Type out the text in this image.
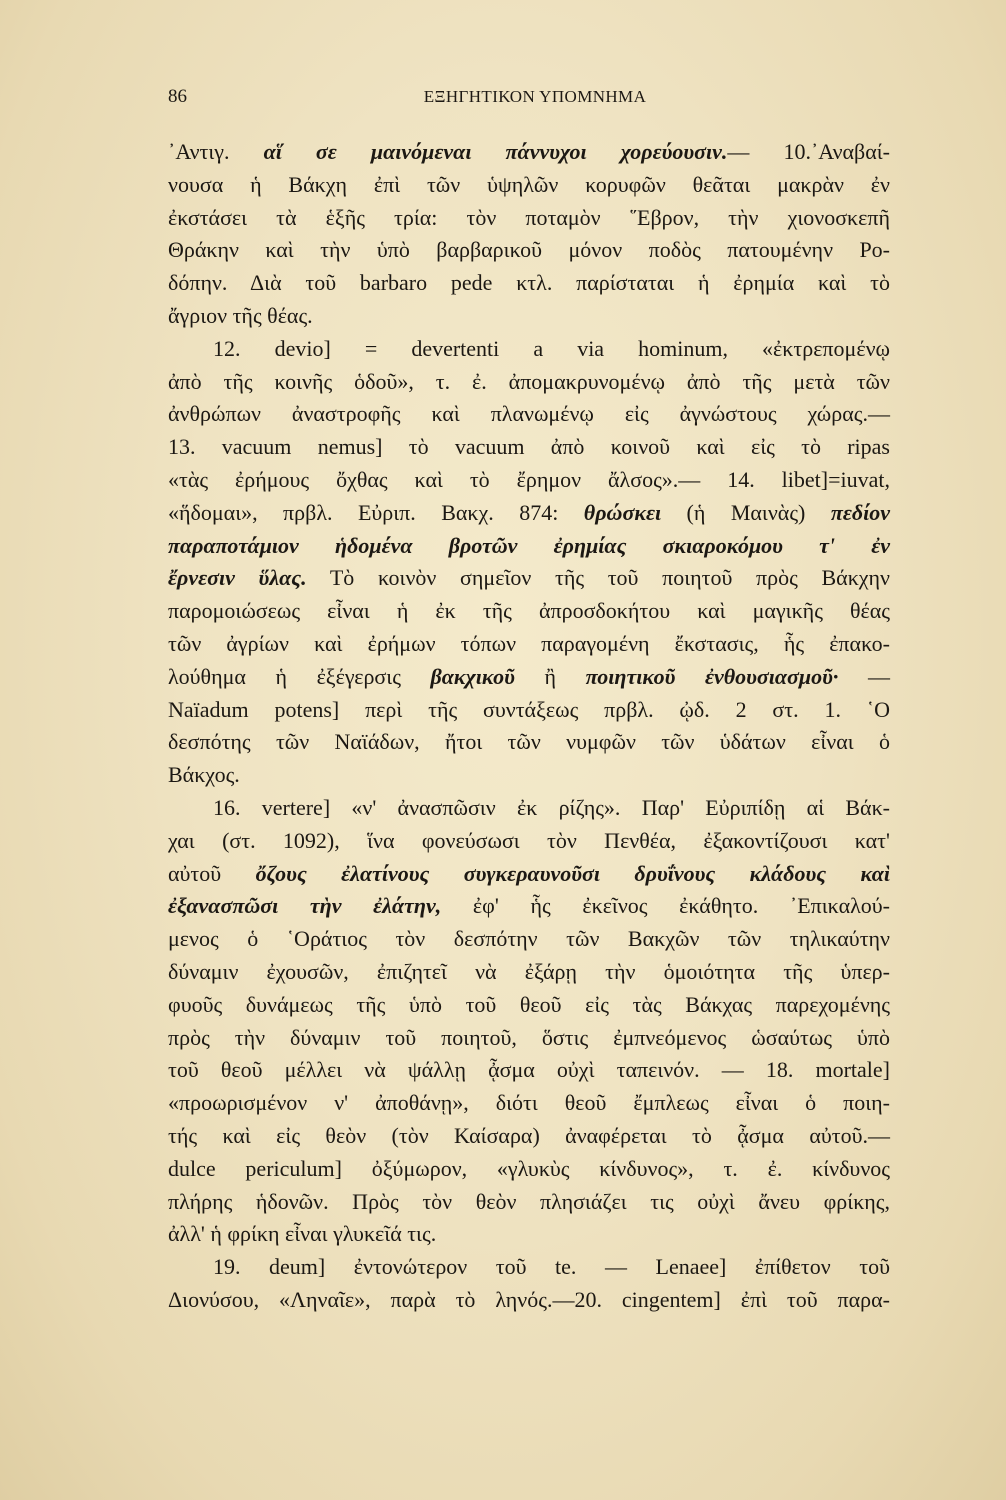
86	ΕΞΗΓΗΤΙΚΟΝ ΥΠΟΜΝΗΜΑ
᾿Αντιγ. αἵ σε μαινόμεναι πάννυχοι χορεύουσιν.— 10.᾿Αναβαί-
νουσα ἡ Βάκχη ἐπὶ τῶν ὑψηλῶν κορυφῶν θεᾶται μακρὰν ἐν
ἐκστάσει τὰ ἑξῆς τρία: τὸν ποταμὸν ῞Εβρον, τὴν χιονοσκεπῆ
Θράκην καὶ τὴν ὑπὸ βαρβαρικοῦ μόνον ποδὸς πατουμένην Ρο-
δόπην. Διὰ τοῦ barbaro pede κτλ. παρίσταται ἡ ἐρημία καὶ τὸ
ἄγριον τῆς θέας.
12. devio] = devertenti a via hominum, «ἐκτρεπομένῳ
ἀπὸ τῆς κοινῆς ὁδοῦ», τ. ἐ. ἀπομακρυνομένῳ ἀπὸ τῆς μετὰ τῶν
ἀνθρώπων ἀναστροφῆς καὶ πλανωμένῳ εἰς ἀγνώστους χώρας.—
13. vacuum nemus] τὸ vacuum ἀπὸ κοινοῦ καὶ εἰς τὸ ripas
«τὰς ἐρήμους ὄχθας καὶ τὸ ἔρημον ἄλσος».— 14. libet]=iuvat,
«ἥδομαι», πρβλ. Εὐριπ. Βακχ. 874: θρώσκει (ἡ Μαινὰς) πεδίον
παραποτάμιον ἡδομένα βροτῶν ἐρημίας σκιαροκόμου τ' ἐν
ἔρνεσιν ὕλας. Τὸ κοινὸν σημεῖον τῆς τοῦ ποιητοῦ πρὸς Βάκχην
παρομοιώσεως εἶναι ἡ ἐκ τῆς ἀπροσδοκήτου καὶ μαγικῆς θέας
τῶν ἀγρίων καὶ ἐρήμων τόπων παραγομένη ἔκστασις, ἧς ἐπακο-
λούθημα ἡ ἐξέγερσις βακχικοῦ ἢ ποιητικοῦ ἐνθουσιασμοῦ· —
Naïadum potens] περὶ τῆς συντάξεως πρβλ. ᾠδ. 2 στ. 1. ῾Ο
δεσπότης τῶν Ναϊάδων, ἤτοι τῶν νυμφῶν τῶν ὑδάτων εἶναι ὁ
Βάκχος.
16. vertere] «ν' ἀνασπῶσιν ἐκ ρίζης». Παρ' Εὐριπίδῃ αἱ Βάκ-
χαι (στ. 1092), ἵνα φονεύσωσι τὸν Πενθέα, ἐξακοντίζουσι κατ'
αὐτοῦ ὄζους ἐλατίνους συγκεραυνοῦσι δρυΐνους κλάδους καὶ
ἐξανασπῶσι τὴν ἐλάτην, ἐφ' ἧς ἐκεῖνος ἐκάθητο. ᾿Επικαλού-
μενος ὁ ῾Οράτιος τὸν δεσπότην τῶν Βακχῶν τῶν τηλικαύτην
δύναμιν ἐχουσῶν, ἐπιζητεῖ νὰ ἐξάρῃ τὴν ὁμοιότητα τῆς ὑπερ-
φυοῦς δυνάμεως τῆς ὑπὸ τοῦ θεοῦ εἰς τὰς Βάκχας παρεχομένης
πρὸς τὴν δύναμιν τοῦ ποιητοῦ, ὅστις ἐμπνεόμενος ὡσαύτως ὑπὸ
τοῦ θεοῦ μέλλει νὰ ψάλλῃ ᾆσμα οὐχὶ ταπεινόν. — 18. mortale]
«προωρισμένον ν' ἀποθάνῃ», διότι θεοῦ ἔμπλεως εἶναι ὁ ποιη-
τής καὶ εἰς θεὸν (τὸν Καίσαρα) ἀναφέρεται τὸ ᾆσμα αὐτοῦ.—
dulce periculum] ὀξύμωρον, «γλυκὺς κίνδυνος», τ. ἐ. κίνδυνος
πλήρης ἡδονῶν. Πρὸς τὸν θεὸν πλησιάζει τις οὐχὶ ἄνευ φρίκης,
ἀλλ' ἡ φρίκη εἶναι γλυκεῖά τις.
19. deum] ἐντονώτερον τοῦ te. — Lenaee] ἐπίθετον τοῦ
Διονύσου, «Ληναῖε», παρὰ τὸ ληνός.—20. cingentem] ἐπὶ τοῦ παρα-
